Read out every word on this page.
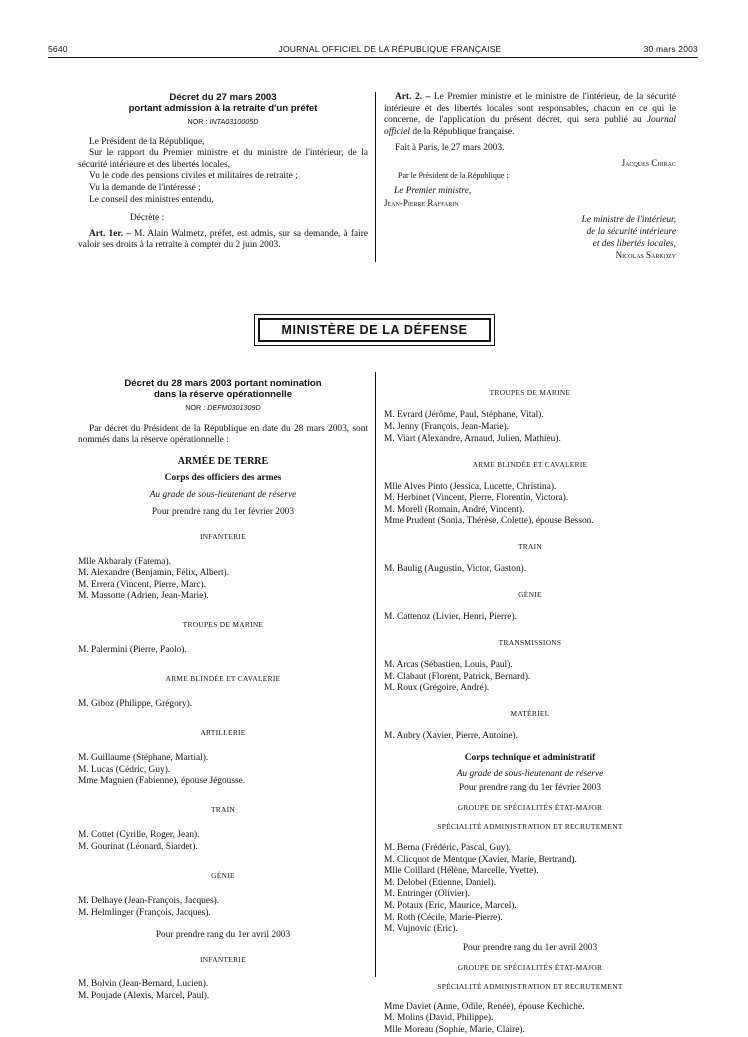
5640	JOURNAL OFFICIEL DE LA RÉPUBLIQUE FRANÇAISE	30 mars 2003
Décret du 27 mars 2003
portant admission à la retraite d'un préfet
NOR : INTA0310005D

Le Président de la République,

Sur le rapport du Premier ministre et du ministre de l'intérieur, de la sécurité intérieure et des libertés locales,

Vu le code des pensions civiles et militaires de retraite ;

Vu la demande de l'intéressé ;

Le conseil des ministres entendu,

Décrète :

Art. 1er. – M. Alain Walmetz, préfet, est admis, sur sa demande, à faire valoir ses droits à la retraite à compter du 2 juin 2003.

Art. 2. – Le Premier ministre et le ministre de l'intérieur, de la sécurité intérieure et des libertés locales sont responsables, chacun en ce qui le concerne, de l'application du présent décret, qui sera publié au Journal officiel de la République française.

Fait à Paris, le 27 mars 2003.

Jacques Chirac

Par le Président de la République :

Le Premier ministre,

Jean-Pierre Raffarin

Le ministre de l'intérieur,

de la sécurité intérieure

et des libertés locales,

Nicolas Sarkozy

MINISTÈRE DE LA DÉFENSE
Décret du 28 mars 2003 portant nomination
dans la réserve opérationnelle
NOR : DEFM0301309D

Par décret du Président de la République en date du 28 mars 2003, sont nommés dans la réserve opérationnelle :

ARMÉE DE TERRE

Corps des officiers des armes

Au grade de sous-lieutenant de réserve

Pour prendre rang du 1er février 2003

INFANTERIE

Mlle Akbaraly (Fatema).

M. Alexandre (Benjamin, Félix, Albert).

M. Errera (Vincent, Pierre, Marc).

M. Massotte (Adrien, Jean-Marie).

TROUPES DE MARINE

M. Palermini (Pierre, Paolo).

ARME BLINDÉE ET CAVALERIE

M. Giboz (Philippe, Grégory).

ARTILLERIE

M. Guillaume (Stéphane, Martial).

M. Lucas (Cédric, Guy).

Mme Magnien (Fabienne), épouse Jégousse.

TRAIN

M. Cottet (Cyrille, Roger, Jean).

M. Gourinat (Léonard, Siardet).

GÉNIE

M. Delhaye (Jean-François, Jacques).

M. Helmlinger (François, Jacques).

Pour prendre rang du 1er avril 2003

INFANTERIE

M. Bolvin (Jean-Bernard, Lucien).

M. Poujade (Alexis, Marcel, Paul).

TROUPES DE MARINE

M. Evrard (Jérôme, Paul, Stéphane, Vital).

M. Jenny (François, Jean-Marie).

M. Viart (Alexandre, Arnaud, Julien, Mathieu).

ARME BLINDÉE ET CAVALERIE

Mlle Alves Pinto (Jessica, Lucette, Christina).

M. Herbinet (Vincent, Pierre, Florentin, Victora).

M. Morell (Romain, André, Vincent).

Mme Prudent (Sonia, Thérèse, Colette), épouse Besson.

TRAIN

M. Baulig (Augustin, Victor, Gaston).

GÉNIE

M. Cattenoz (Livier, Henri, Pierre).

TRANSMISSIONS

M. Arcas (Sébastien, Louis, Paul).

M. Clabaut (Florent, Patrick, Bernard).

M. Roux (Grégoire, André).

MATÉRIEL

M. Aubry (Xavier, Pierre, Antoine).

Corps technique et administratif

Au grade de sous-lieutenant de réserve

Pour prendre rang du 1er février 2003

GROUPE DE SPÉCIALITÉS ÉTAT-MAJOR

SPÉCIALITÉ ADMINISTRATION ET RECRUTEMENT

M. Berna (Frédéric, Pascal, Guy).

M. Clicquot de Mentque (Xavier, Marie, Bertrand).

Mlle Coillard (Hélène, Marcelle, Yvette).

M. Delobel (Etienne, Daniel).

M. Entringer (Olivier).

M. Potaux (Eric, Maurice, Marcel).

M. Roth (Cécile, Marie-Pierre).

M. Vujnovic (Eric).

Pour prendre rang du 1er avril 2003

GROUPE DE SPÉCIALITÉS ÉTAT-MAJOR

SPÉCIALITÉ ADMINISTRATION ET RECRUTEMENT

Mme Daviet (Anne, Odile, Renée), épouse Kechiche.

M. Molins (David, Philippe).

Mlle Moreau (Sophie, Marie, Claire).
